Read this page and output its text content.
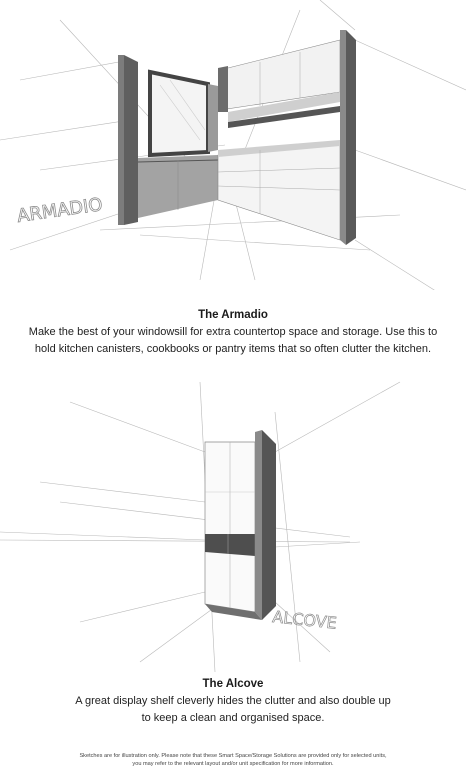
ARMADIO
The Armadio
Make the best of your windowsill for extra countertop space and storage. Use this to
hold kitchen canisters, cookbooks or pantry items that so often clutter the kitchen.
ALCOVE
The Alcove
A great display shelf cleverly hides the clutter and also double up
to keep a clean and organised space.
Sketches are for illustration only. Please note that these Smart Space/Storage Solutions are provided only for selected units,
you may refer to the relevant layout and/or unit specification for more information.
